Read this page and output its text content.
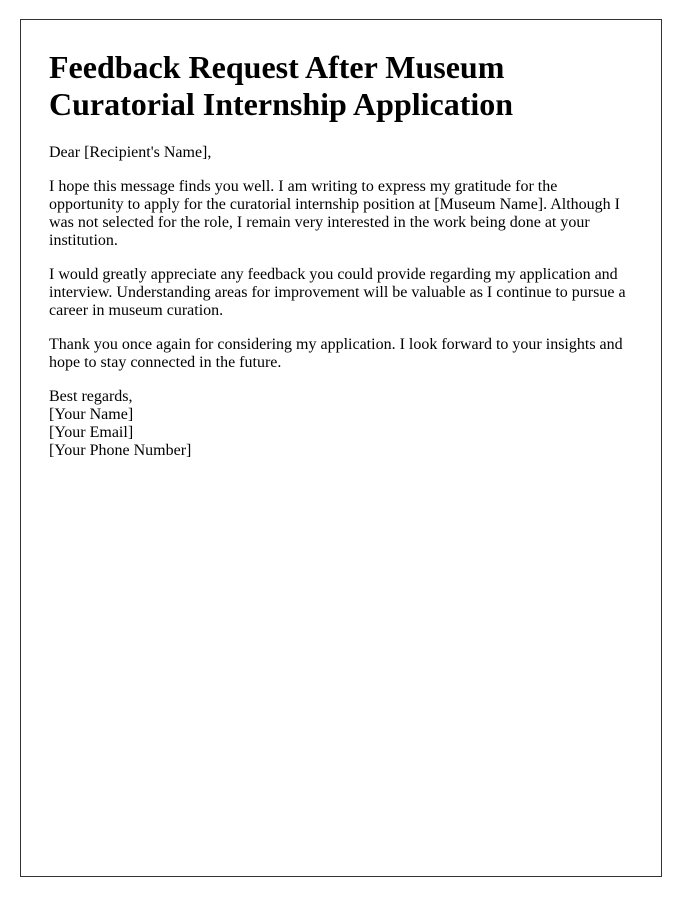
Feedback Request After Museum Curatorial Internship Application

Dear [Recipient's Name],

I hope this message finds you well. I am writing to express my gratitude for the opportunity to apply for the curatorial internship position at [Museum Name]. Although I was not selected for the role, I remain very interested in the work being done at your institution.

I would greatly appreciate any feedback you could provide regarding my application and interview. Understanding areas for improvement will be valuable as I continue to pursue a career in museum curation.

Thank you once again for considering my application. I look forward to your insights and hope to stay connected in the future.

Best regards,
[Your Name]
[Your Email]
[Your Phone Number]
